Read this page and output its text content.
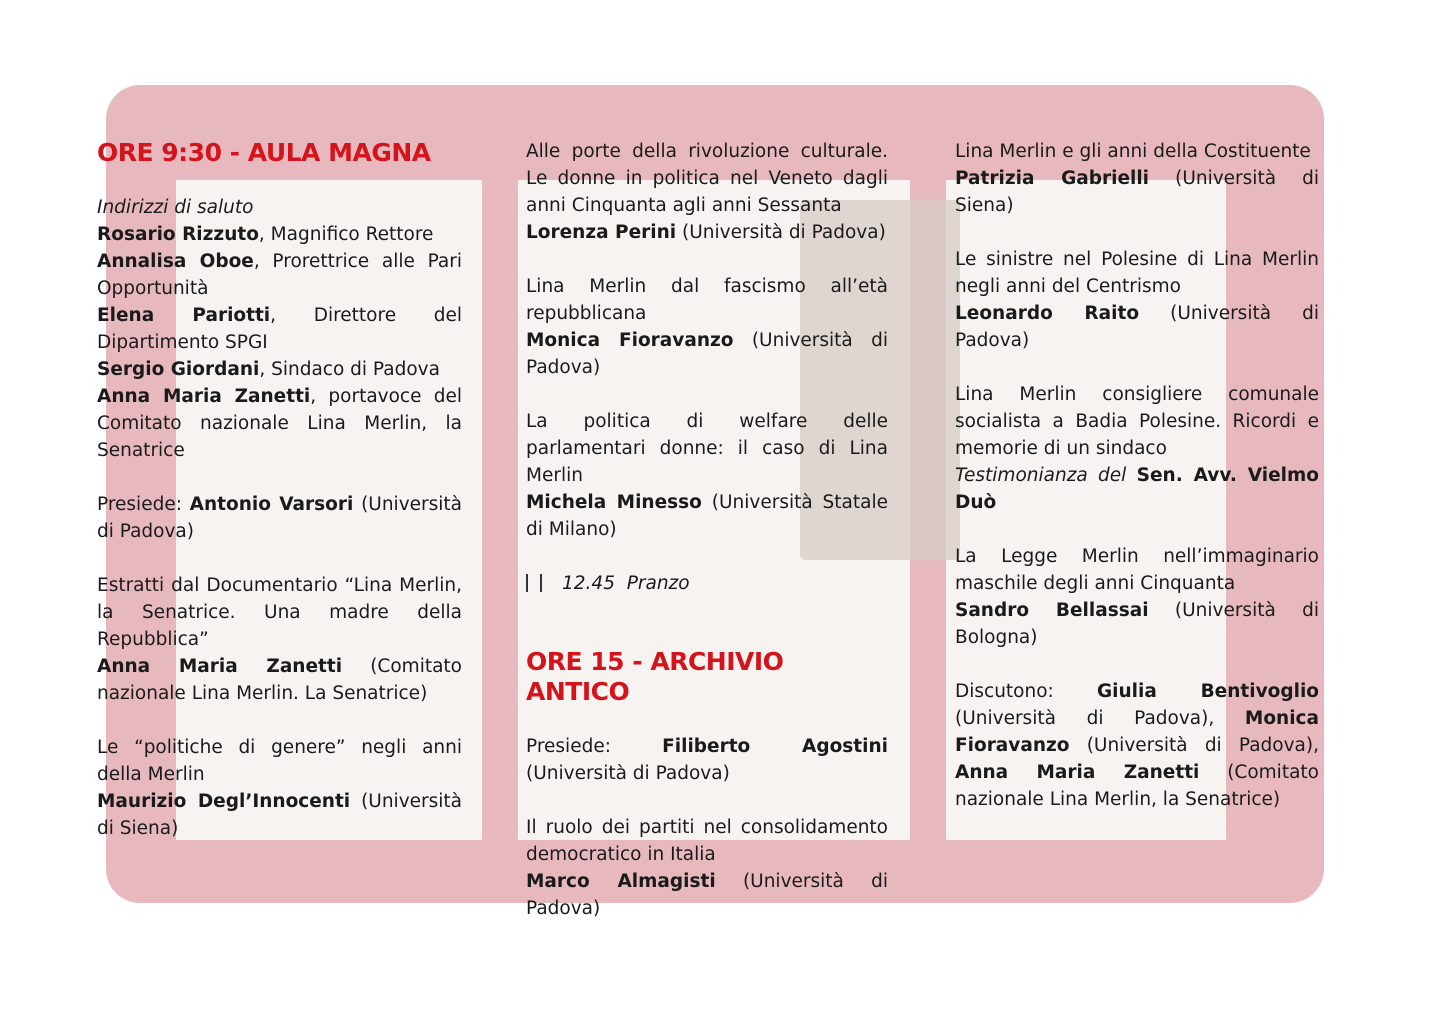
ORE 9:30 - AULA MAGNA
Indirizzi di saluto
Rosario Rizzuto, Magnifico Rettore
Annalisa Oboe, Prorettrice alle Pari Opportunità
Elena Pariotti, Direttore del Dipartimento SPGI
Sergio Giordani, Sindaco di Padova
Anna Maria Zanetti, portavoce del Comitato nazionale Lina Merlin, la Senatrice
Presiede: Antonio Varsori (Università di Padova)
Estratti dal Documentario “Lina Merlin, la Senatrice. Una madre della Repubblica”
Anna Maria Zanetti (Comitato nazionale Lina Merlin. La Senatrice)
Le “politiche di genere” negli anni della Merlin
Maurizio Degl’Innocenti (Università di Siena)
Alle porte della rivoluzione culturale. Le donne in politica nel Veneto dagli anni Cinquanta agli anni Sessanta
Lorenza Perini (Università di Padova)
Lina Merlin dal fascismo all’età repubblicana
Monica Fioravanzo (Università di Padova)
La politica di welfare delle parlamentari donne: il caso di Lina Merlin
Michela Minesso (Università Statale di Milano)
12.45  Pranzo
ORE 15 - ARCHIVIO ANTICO
Presiede: Filiberto Agostini (Università di Padova)
Il ruolo dei partiti nel consolidamento democratico in Italia
Marco Almagisti (Università di Padova)
Lina Merlin e gli anni della Costituente
Patrizia Gabrielli (Università di Siena)
Le sinistre nel Polesine di Lina Merlin negli anni del Centrismo
Leonardo Raito (Università di Padova)
Lina Merlin consigliere comunale socialista a Badia Polesine. Ricordi e memorie di un sindaco
Testimonianza del Sen. Avv. Vielmo Duò
La Legge Merlin nell’immaginario maschile degli anni Cinquanta
Sandro Bellassai (Università di Bologna)
Discutono: Giulia Bentivoglio (Università di Padova), Monica Fioravanzo (Università di Padova), Anna Maria Zanetti (Comitato nazionale Lina Merlin, la Senatrice)
